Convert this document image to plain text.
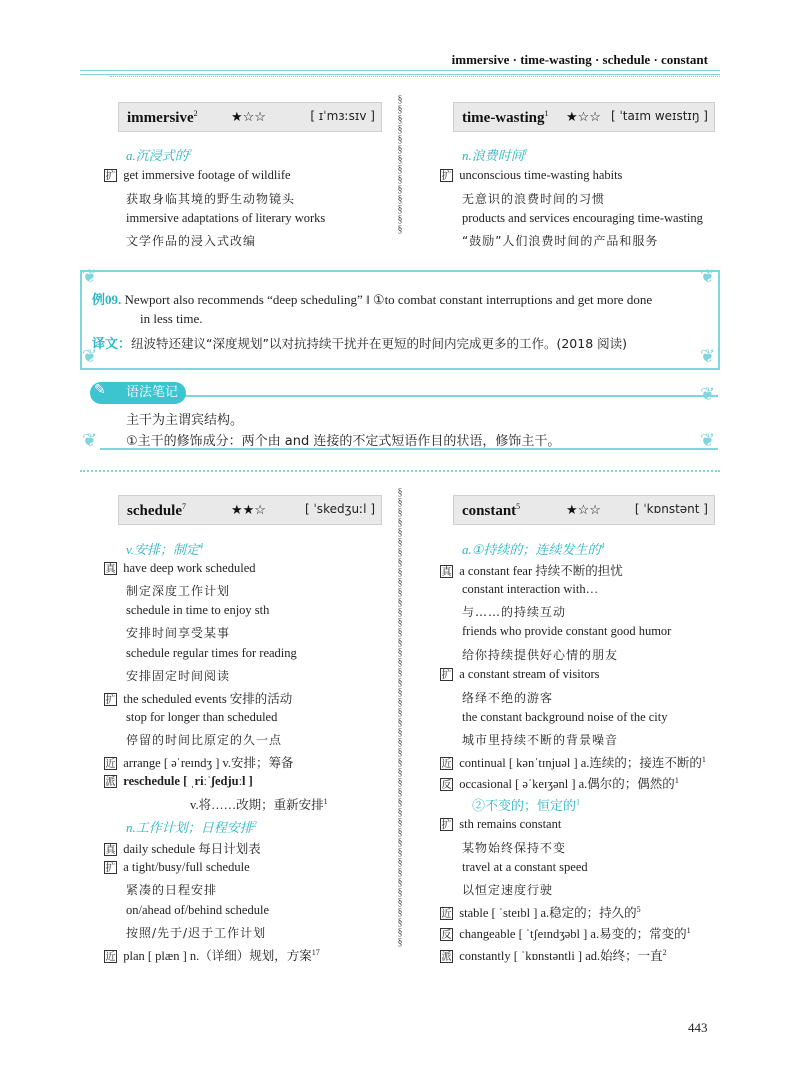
immersive · time-wasting · schedule · constant
immersive$^2$	★☆☆	[ ɪˈmɜːsɪv ]
a.沉浸式的$^2$
扩 get immersive footage of wildlife
获取身临其境的野生动物镜头
immersive adaptations of literary works
文学作品的浸入式改编
§
§
§
§
§
§
§
§
§
§
§
§
§
§
time-wasting$^1$ ★☆☆ [ ˈtaɪm weɪstɪŋ ]
n.浪费时间$^1$
扩 unconscious time-wasting habits
无意识的浪费时间的习惯
products and services encouraging time-wasting
“鼓励”人们浪费时间的产品和服务
❦	❦
❦	❦
例09. Newport also recommends “deep scheduling” ‖ ①to combat constant interruptions and get more done
in less time.
译文：纽波特还建议“深度规划”以对抗持续干扰并在更短的时间内完成更多的工作。(2018 阅读)
语法笔记
✎
主干为主谓宾结构。
①主干的修饰成分：两个由 and 连接的不定式短语作目的状语，修饰主干。
❦
❦
❦
schedule$^7$	★★☆	[ ˈskedʒuːl ]
v.安排；制定$^4$
真 have deep work scheduled
制定深度工作计划
schedule in time to enjoy sth
安排时间享受某事
schedule regular times for reading
安排固定时间阅读
扩 the scheduled events 安排的活动
stop for longer than scheduled
停留的时间比原定的久一点
近 arrange [ əˈreɪndʒ ] v.安排；筹备
派 reschedule [ ˌriːˈʃedjuːl ]
v.将……改期；重新安排$^1$
n.工作计划；日程安排$^2$
真 daily schedule 每日计划表
扩 a tight/busy/full schedule
紧凑的日程安排
on/ahead of/behind schedule
按照/先于/迟于工作计划
近 plan [ plæn ] n.（详细）规划，方案$^{17}$
§
§
§
§
§
§
§
§
§
§
§
§
§
§
§
§
§
§
§
§
§
§
§
§
§
§
§
§
§
§
§
§
§
§
§
§
§
§
§
§
§
§
§
§
§
§
constant$^5$	★☆☆	[ ˈkɒnstənt ]
a.①持续的；连续发生的$^4$
真 a constant fear 持续不断的担忧
constant interaction with…
与……的持续互动
friends who provide constant good humor
给你持续提供好心情的朋友
扩 a constant stream of visitors
络绎不绝的游客
the constant background noise of the city
城市里持续不断的背景噪音
近 continual [ kənˈtɪnjuəl ] a.连续的；接连不断的$^1$
反 occasional [ əˈkeɪʒənl ] a.偶尔的；偶然的$^1$
②不变的；恒定的$^1$
扩 sth remains constant
某物始终保持不变
travel at a constant speed
以恒定速度行驶
近 stable [ ˈsteɪbl ] a.稳定的；持久的$^5$
反 changeable [ ˈtʃeɪndʒəbl ] a.易变的；常变的$^1$
派 constantly [ ˈkɒnstəntli ] ad.始终；一直$^2$
443
